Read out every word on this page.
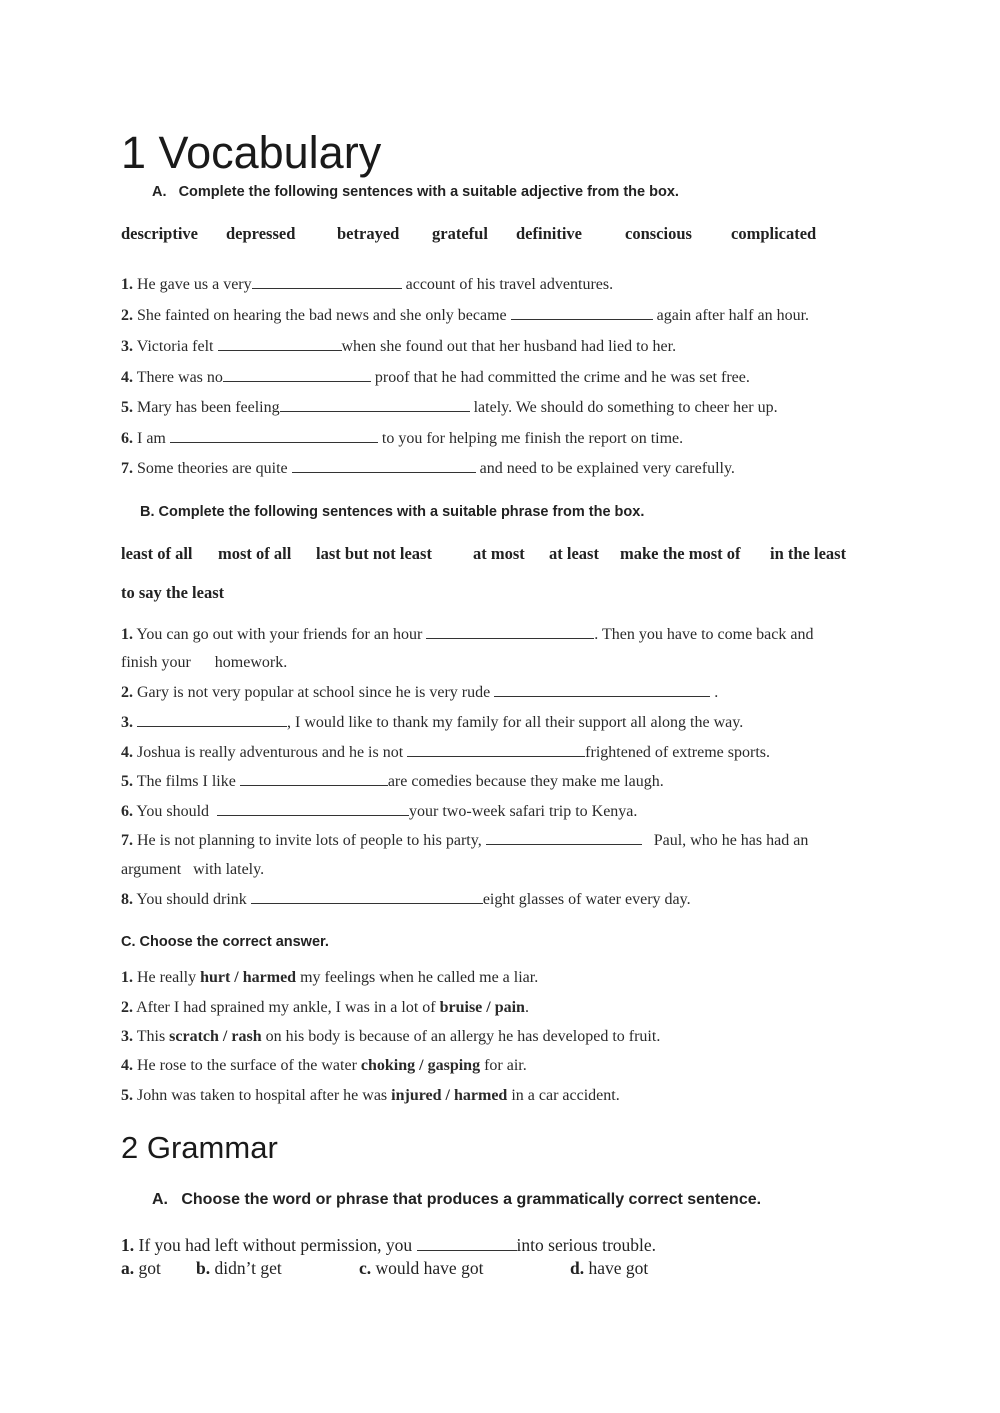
1 Vocabulary
A.   Complete the following sentences with a suitable adjective from the box.
descriptive depressed	betrayed grateful definitive	conscious complicated
1. He gave us a very	account of his travel adventures.
2. She fainted on hearing the bad news and she only became	again after half an hour.
3. Victoria felt	when she found out that her husband had lied to her.
4. There was no	proof that he had committed the crime and he was set free.
5. Mary has been feeling	lately. We should do something to cheer her up.
6. I am	to you for helping me finish the report on time.
7. Some theories are quite	and need to be explained very carefully.
B. Complete the following sentences with a suitable phrase from the box.
least of all most of all last but not least at most at least make the most of in the least
to say the least
1. You can go out with your friends for an hour	. Then you have to come back and
finish your      homework.
2. Gary is not very popular at school since he is very rude	.
3.	, I would like to thank my family for all their support all along the way.
4. Joshua is really adventurous and he is not	frightened of extreme sports.
5. The films I like	are comedies because they make me laugh.
6. You should	your two-week safari trip to Kenya.
7. He is not planning to invite lots of people to his party,	Paul, who he has had an
argument   with lately.
8. You should drink	eight glasses of water every day.
C. Choose the correct answer.
1. He really hurt / harmed my feelings when he called me a liar.
2. After I had sprained my ankle, I was in a lot of bruise / pain.
3. This scratch / rash on his body is because of an allergy he has developed to fruit.
4. He rose to the surface of the water choking / gasping for air.
5. John was taken to hospital after he was injured / harmed in a car accident.
2 Grammar
A.   Choose the word or phrase that produces a grammatically correct sentence.
1. If you had left without permission, you	into serious trouble.
a. got b. didn’t get	c. would have got	d. have got
